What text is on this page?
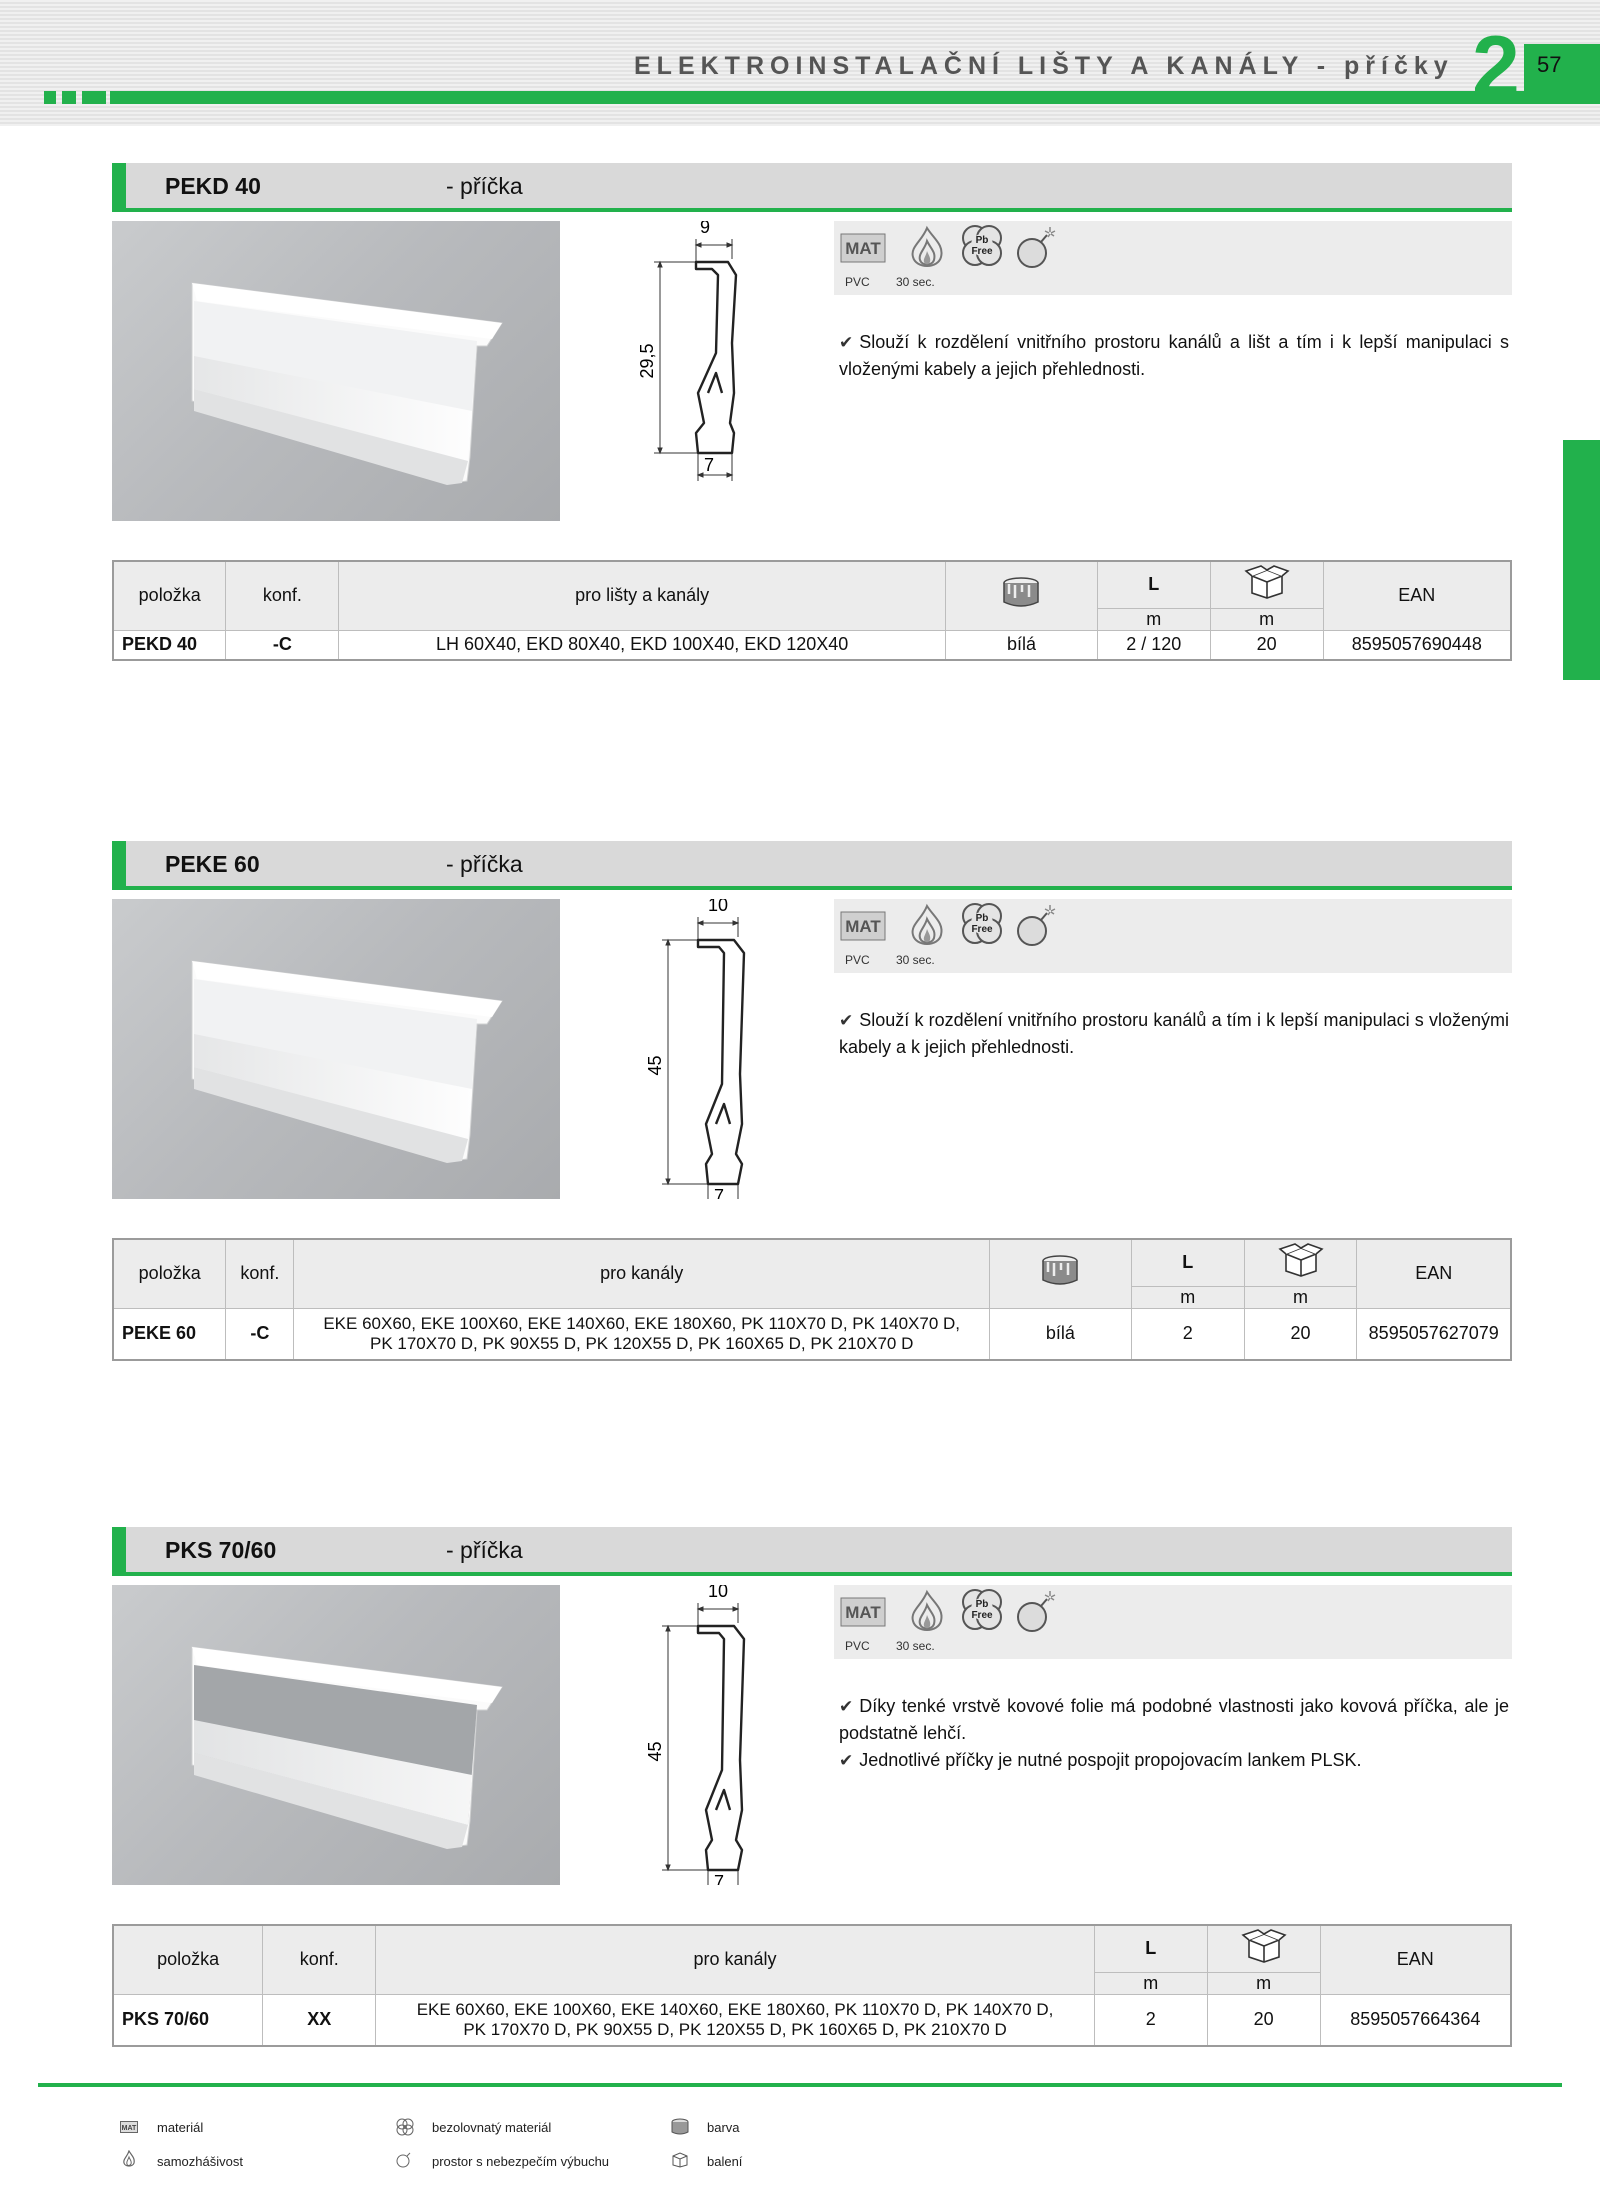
ELEKTROINSTALAČNÍ LIŠTY A KANÁLY - příčky 2 57
PEKD 40	- příčka
9
7
29,5
MAT	Pb
Free
PVC 30 sec.
✔ Slouží k rozdělení vnitřního prostoru kanálů a lišt a tím i k lepší manipulaci s vloženými kabely a jejich přehlednosti.
položka	konf.	pro lišty a kanály		L		EAN
				m	m	
PEKD 40	-C	LH 60X40, EKD 80X40, EKD 100X40, EKD 120X40	bílá	2 / 120	20	8595057690448
PEKE 60	- příčka
10
7
45
MAT	Pb
Free
PVC 30 sec.
✔ Slouží k rozdělení vnitřního prostoru kanálů a tím i k lepší manipulaci s vloženými kabely a k jejich přehlednosti.
položka	konf.	pro kanály		L		EAN
				m	m	
PEKE 60	-C	EKE 60X60, EKE 100X60, EKE 140X60, EKE 180X60, PK 110X70 D, PK 140X70 D,
PK 170X70 D, PK 90X55 D, PK 120X55 D, PK 160X65 D, PK 210X70 D	bílá	2	20	8595057627079
PKS 70/60	- příčka
10
7
45
MAT	Pb
Free
PVC 30 sec.
✔ Díky tenké vrstvě kovové folie má podobné vlastnosti jako kovová příčka, ale je podstatně lehčí.
✔ Jednotlivé příčky je nutné pospojit propojovacím lankem PLSK.
položka	konf.	pro kanály	L		EAN
			m	m	
PKS 70/60	XX	EKE 60X60, EKE 100X60, EKE 140X60, EKE 180X60, PK 110X70 D, PK 140X70 D,
PK 170X70 D, PK 90X55 D, PK 120X55 D, PK 160X65 D, PK 210X70 D	2	20	8595057664364
MAT materiál
samozhášivost
bezolovnatý materiál
prostor s nebezpečím výbuchu
barva
balení
